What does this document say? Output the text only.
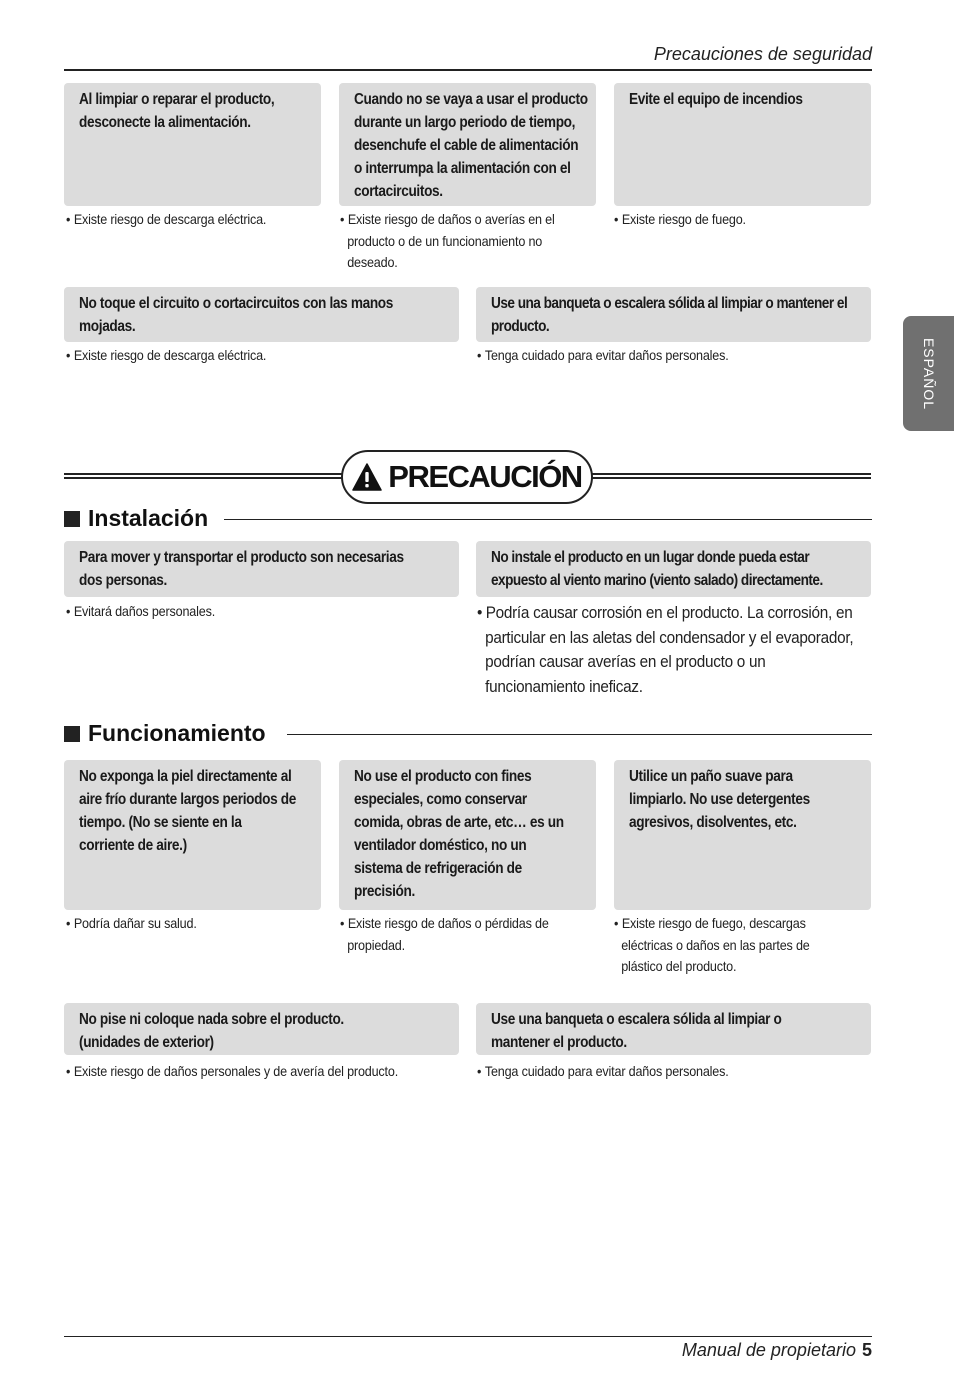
Precauciones de seguridad
ESPAÑOL
Al limpiar o reparar el producto,
desconecte la alimentación.
• Existe riesgo de descarga eléctrica.
Cuando no se vaya a usar el producto
durante un largo periodo de tiempo,
desenchufe el cable de alimentación
o interrumpa la alimentación con el
cortacircuitos.
• Existe riesgo de daños o averías en el
producto o de un funcionamiento no
deseado.
Evite el equipo de incendios
• Existe riesgo de fuego.
No toque el circuito o cortacircuitos con las manos
mojadas.
• Existe riesgo de descarga eléctrica.
Use una banqueta o escalera sólida al limpiar o mantener el
producto.
• Tenga cuidado para evitar daños personales.
PRECAUCIÓN
Instalación
Para mover y transportar el producto son necesarias
dos personas.
• Evitará daños personales.
No instale el producto en un lugar donde pueda estar
expuesto al viento marino (viento salado) directamente.
• Podría causar corrosión en el producto. La corrosión, en
particular en las aletas del condensador y el evaporador,
podrían causar averías en el producto o un
funcionamiento ineficaz.
Funcionamiento
No exponga la piel directamente al
aire frío durante largos periodos de
tiempo. (No se siente en la
corriente de aire.)
• Podría dañar su salud.
No use el producto con fines
especiales, como conservar
comida, obras de arte, etc… es un
ventilador doméstico, no un
sistema de refrigeración de
precisión.
• Existe riesgo de daños o pérdidas de
propiedad.
Utilice un paño suave para
limpiarlo. No use detergentes
agresivos, disolventes, etc.
• Existe riesgo de fuego, descargas
eléctricas o daños en las partes de
plástico del producto.
No pise ni coloque nada sobre el producto.
(unidades de exterior)
• Existe riesgo de daños personales y de avería del producto.
Use una banqueta o escalera sólida al limpiar o
mantener el producto.
• Tenga cuidado para evitar daños personales.
Manual de propietario 5
